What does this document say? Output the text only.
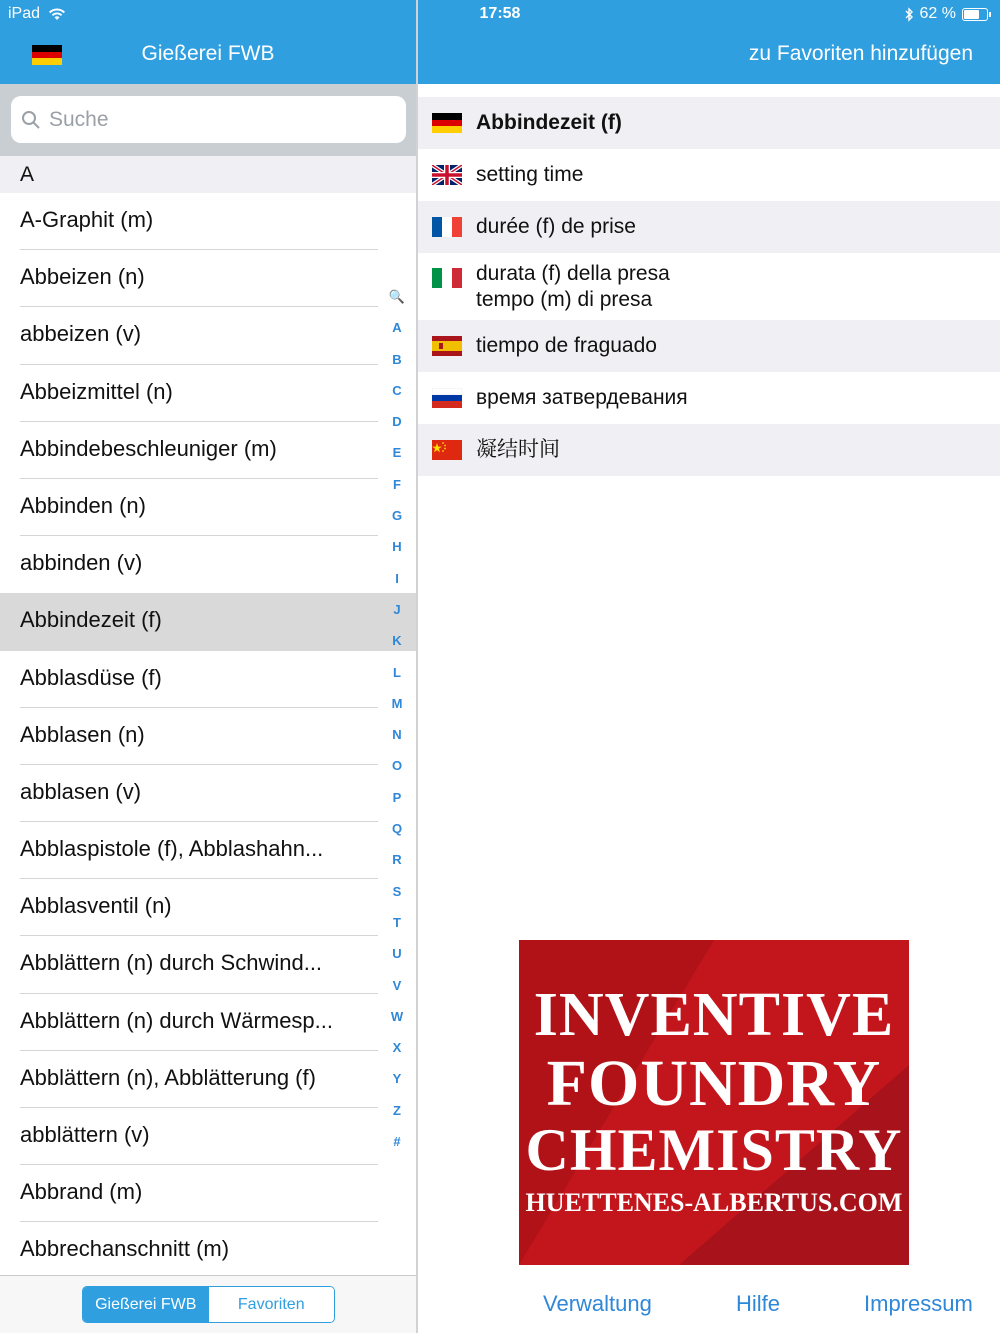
iPad	17:58	62 %
Gießerei FWB	zu Favoriten hinzufügen
Suche
A
A-Graphit (m)
Abbeizen (n)
abbeizen (v)
Abbeizmittel (n)
Abbindebeschleuniger (m)
Abbinden (n)
abbinden (v)
Abbindezeit (f)
Abblasdüse (f)
Abblasen (n)
abblasen (v)
Abblaspistole (f), Abblashahn...
Abblasventil (n)
Abblättern (n) durch Schwind...
Abblättern (n) durch Wärmesp...
Abblättern (n), Abblätterung (f)
abblättern (v)
Abbrand (m)
Abbrechanschnitt (m)
🔍
A
B
C
D
E
F
G
H
I
J
K
L
M
N
O
P
Q
R
S
T
U
V
W
X
Y
Z
#
Gießerei FWB	Favoriten
Abbindezeit (f)
setting time
durée (f) de prise
durata (f) della presa
tempo (m) di presa
tiempo de fraguado
время затвердевания
凝结时间
INVENTIVE
FOUNDRY
CHEMISTRY
HUETTENES-ALBERTUS.COM
Verwaltung	Hilfe	Impressum
